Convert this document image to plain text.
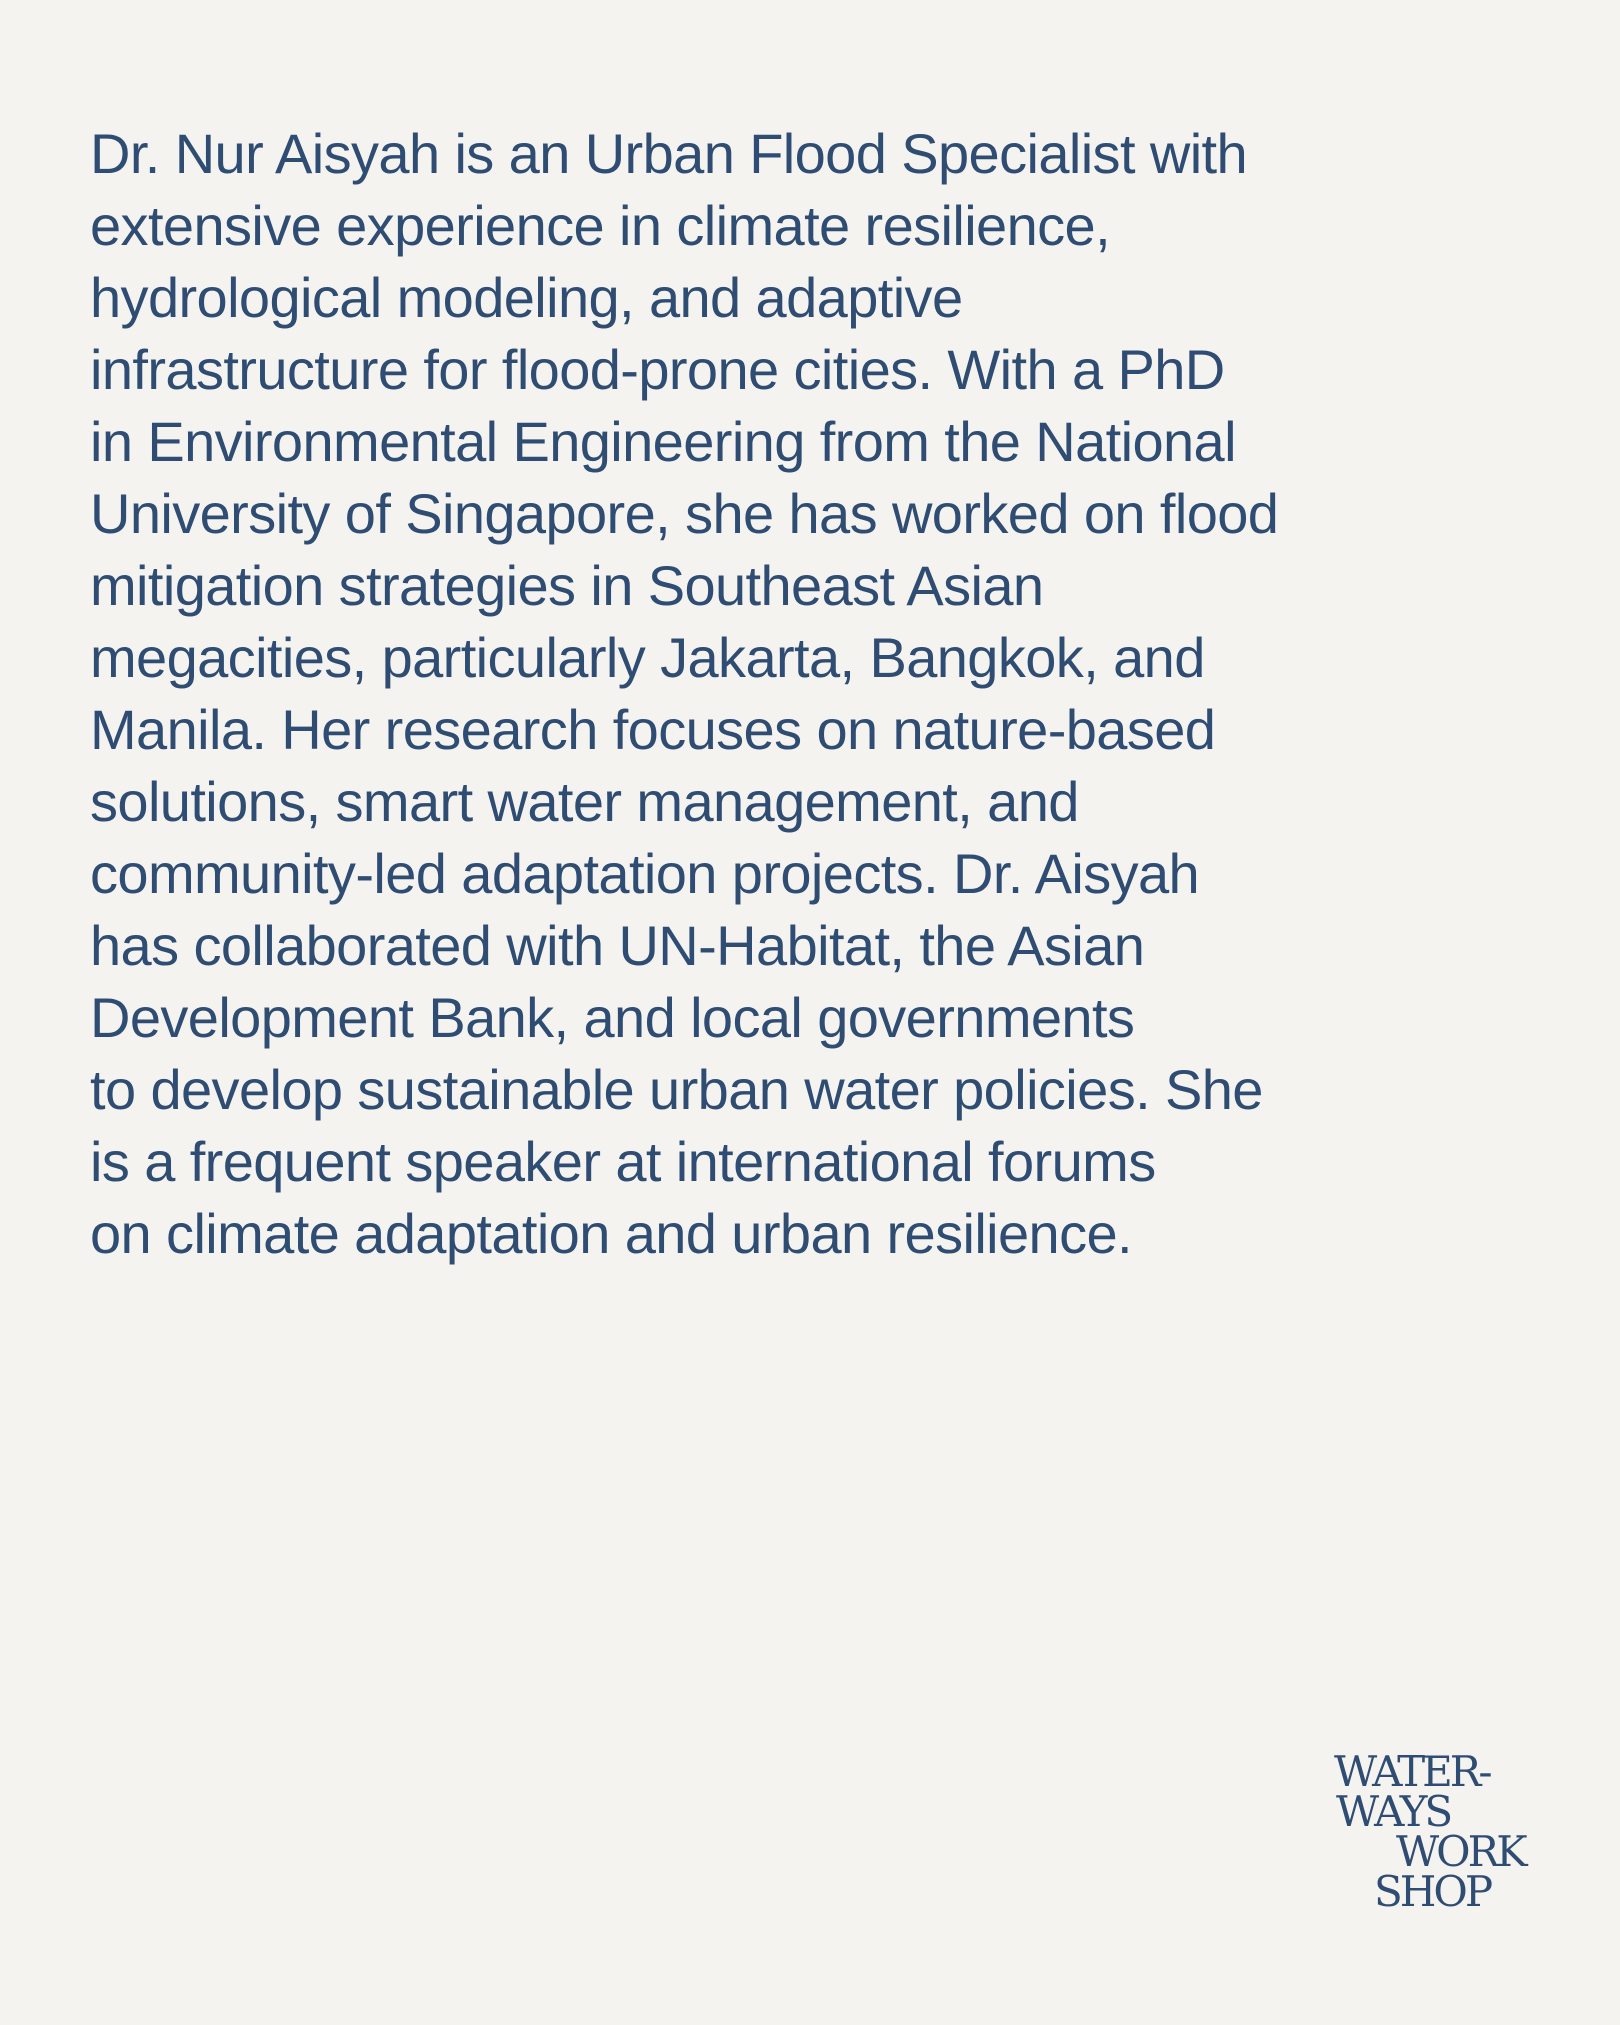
Dr. Nur Aisyah is an Urban Flood Specialist with
extensive experience in climate resilience,
hydrological modeling, and adaptive
infrastructure for flood-prone cities. With a PhD
in Environmental Engineering from the National
University of Singapore, she has worked on flood
mitigation strategies in Southeast Asian
megacities, particularly Jakarta, Bangkok, and
Manila. Her research focuses on nature-based
solutions, smart water management, and
community-led adaptation projects. Dr. Aisyah
has collaborated with UN-Habitat, the Asian
Development Bank, and local governments
to develop sustainable urban water policies. She
is a frequent speaker at international forums
on climate adaptation and urban resilience.
WATER-
WAYS
WORK
SHOP
